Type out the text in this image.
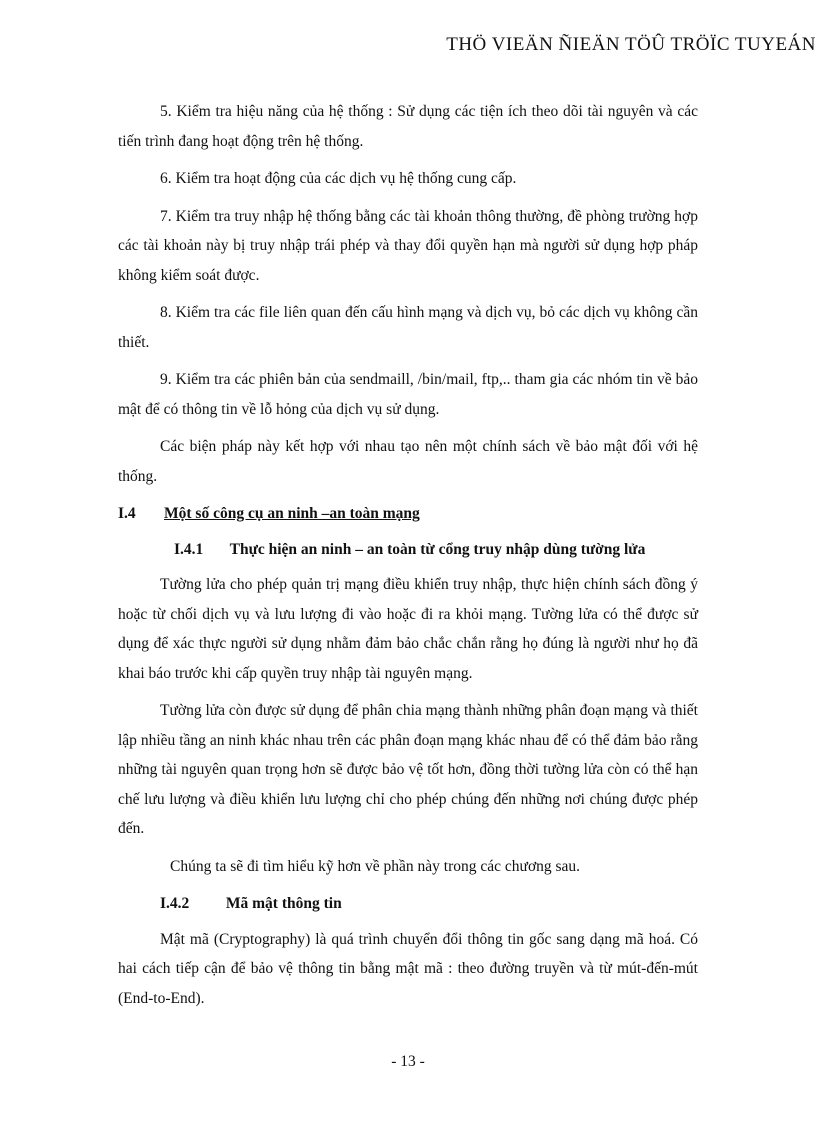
THÖ VIEÄN ÑIEÄN TÖÛ TRÖÏC TUYEÁN

5. Kiểm tra hiệu năng của hệ thống : Sử dụng các tiện ích theo dõi tài nguyên và các tiến trình đang hoạt động trên hệ thống.

6. Kiểm tra hoạt động của các dịch vụ hệ thống cung cấp.

7. Kiểm tra truy nhập hệ thống bằng các tài khoản thông thường, đề phòng trường hợp các tài khoản này bị truy nhập trái phép và thay đổi quyền hạn mà người sử dụng hợp pháp không kiểm soát được.

8. Kiểm tra các file liên quan đến cấu hình mạng và dịch vụ, bỏ các dịch vụ không cần thiết.

9. Kiểm tra các phiên bản của sendmaill, /bin/mail, ftp,.. tham gia các nhóm tin về bảo mật để có thông tin về lỗ hỏng của dịch vụ sử dụng.

Các biện pháp này kết hợp với nhau tạo nên một chính sách về bảo mật đối với hệ thống.

I.4	Một số công cụ an ninh –an toàn mạng
I.4.1 Thực hiện an ninh – an toàn từ cổng truy nhập dùng tường lửa

Tường lửa cho phép quản trị mạng điều khiển truy nhập, thực hiện chính sách đồng ý hoặc từ chối dịch vụ và lưu lượng đi vào hoặc đi ra khỏi mạng. Tường lửa có thể được sử dụng để xác thực người sử dụng nhằm đảm bảo chắc chắn rằng họ đúng là người như họ đã khai báo trước khi cấp quyền truy nhập tài nguyên mạng.

Tường lửa còn được sử dụng để phân chia mạng thành những phân đoạn mạng và thiết lập nhiều tầng an ninh khác nhau trên các phân đoạn mạng khác nhau để có thể đảm bảo rằng những tài nguyên quan trọng hơn sẽ được bảo vệ tốt hơn, đồng thời tường lửa còn có thể hạn chế lưu lượng và điều khiển lưu lượng chỉ cho phép chúng đến những nơi chúng được phép đến.

Chúng ta sẽ đi tìm hiểu kỹ hơn về phần này trong các chương sau.

I.4.2 Mã mật thông tin

Mật mã (Cryptography) là quá trình chuyển đổi thông tin gốc sang dạng mã hoá. Có hai cách tiếp cận để bảo vệ thông tin bằng mật mã : theo đường truyền và từ mút-đến-mút (End-to-End).

- 13 -
